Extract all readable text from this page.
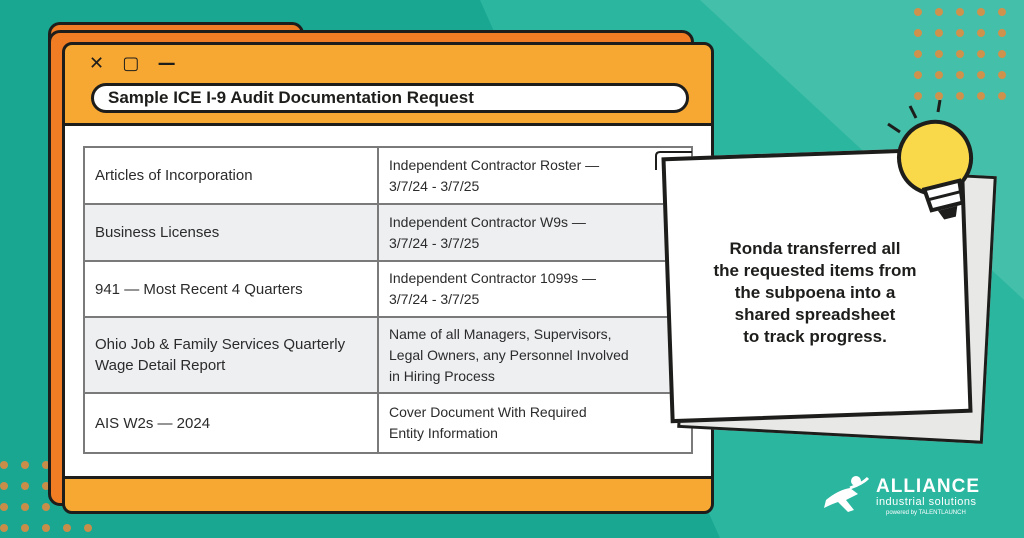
✕ ▢ —
Sample ICE I-9 Audit Documentation Request
Articles of Incorporation	Independent Contractor Roster —
3/7/24 - 3/7/25
Business Licenses	Independent Contractor W9s —
3/7/24 - 3/7/25
941 — Most Recent 4 Quarters	Independent Contractor 1099s —
3/7/24 - 3/7/25
Ohio Job & Family Services Quarterly Wage Detail Report	Name of all Managers, Supervisors,
Legal Owners, any Personnel Involved
in Hiring Process
AIS W2s — 2024	Cover Document With Required
Entity Information
Ronda transferred all
the requested items from
the subpoena into a
shared spreadsheet
to track progress.
ALLIANCE
industrial solutions
powered by TALENTLAUNCH
